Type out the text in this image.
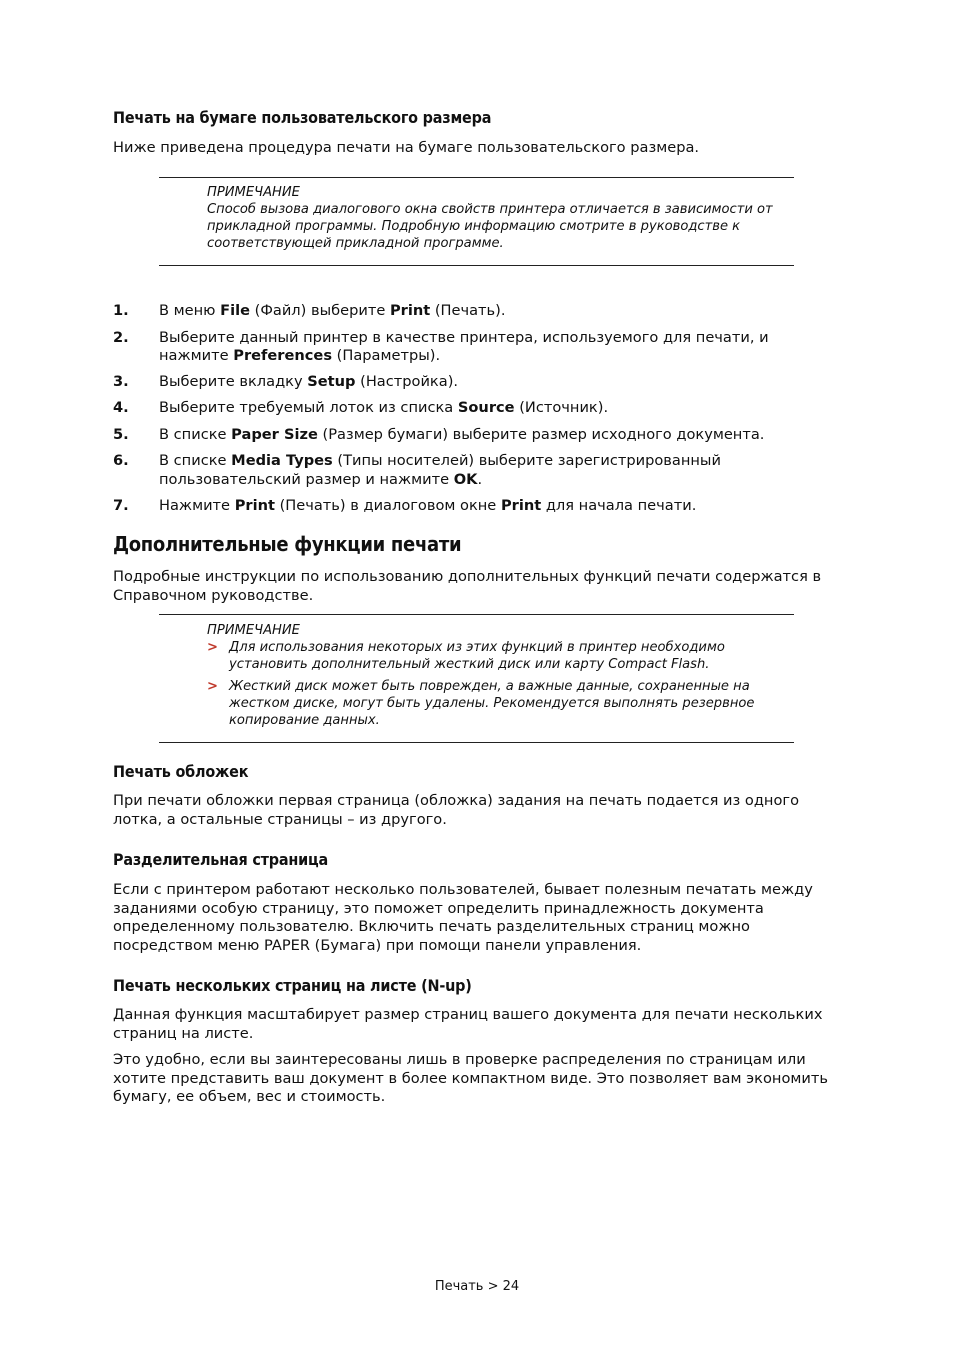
Печать на бумаге пользовательского размера

Ниже приведена процедура печати на бумаге пользовательского размера.

ПРИМЕЧАНИЕ
Способ вызова диалогового окна свойств принтера отличается в зависимости от прикладной программы. Подробную информацию смотрите в руководстве к соответствующей прикладной программе.
1. В меню File (Файл) выберите Print (Печать).
2. Выберите данный принтер в качестве принтера, используемого для печати, и нажмите Preferences (Параметры).
3. Выберите вкладку Setup (Настройка).
4. Выберите требуемый лоток из списка Source (Источник).
5. В списке Paper Size (Размер бумаги) выберите размер исходного документа.
6. В списке Media Types (Типы носителей) выберите зарегистрированный пользовательский размер и нажмите OK.
7. Нажмите Print (Печать) в диалоговом окне Print для начала печати.
Дополнительные функции печати

Подробные инструкции по использованию дополнительных функций печати содержатся в Справочном руководстве.

ПРИМЕЧАНИЕ
> Для использования некоторых из этих функций в принтер необходимо установить дополнительный жесткий диск или карту Compact Flash.
> Жесткий диск может быть поврежден, а важные данные, сохраненные на жестком диске, могут быть удалены. Рекомендуется выполнять резервное копирование данных.
Печать обложек

При печати обложки первая страница (обложка) задания на печать подается из одного лотка, а остальные страницы – из другого.

Разделительная страница

Если с принтером работают несколько пользователей, бывает полезным печатать между заданиями особую страницу, это поможет определить принадлежность документа определенному пользователю. Включить печать разделительных страниц можно посредством меню PAPER (Бумага) при помощи панели управления.

Печать нескольких страниц на листе (N-up)

Данная функция масштабирует размер страниц вашего документа для печати нескольких страниц на листе.

Это удобно, если вы заинтересованы лишь в проверке распределения по страницам или хотите представить ваш документ в более компактном виде. Это позволяет вам экономить бумагу, ее объем, вес и стоимость.

Печать > 24
